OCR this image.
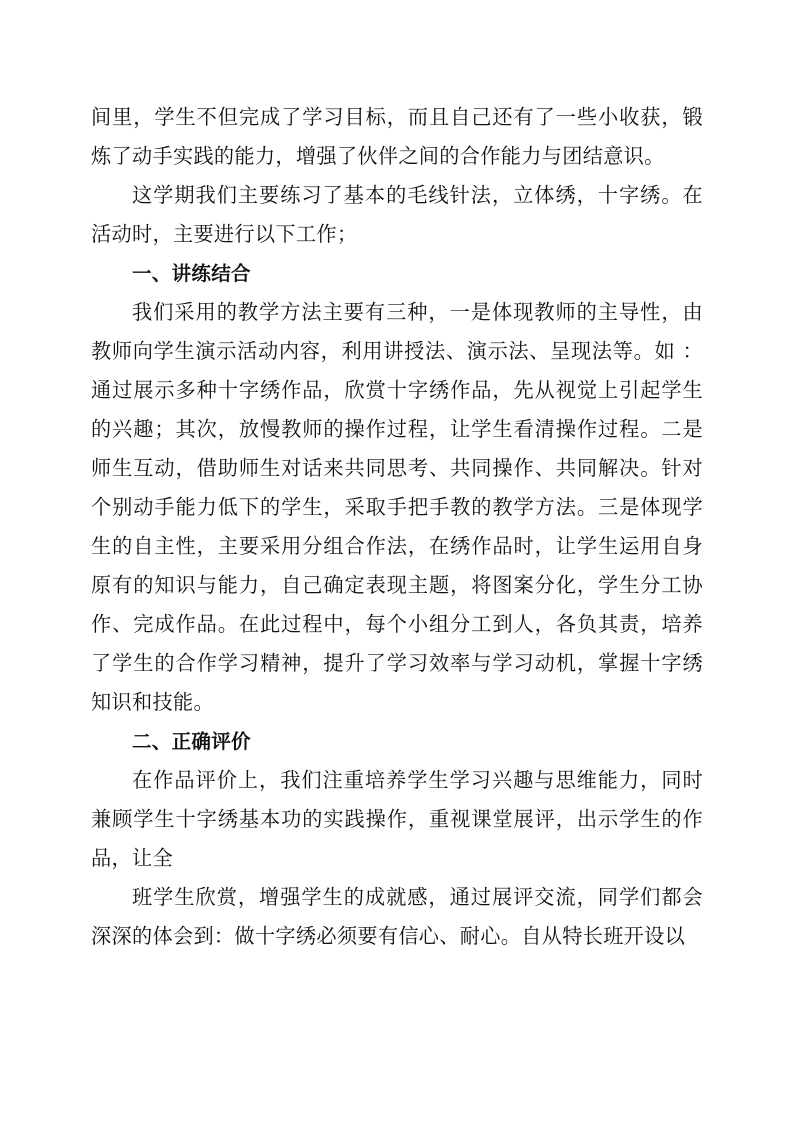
间里，学生不但完成了学习目标，而且自己还有了一些小收获，锻炼了动手实践的能力，增强了伙伴之间的合作能力与团结意识。

这学期我们主要练习了基本的毛线针法，立体绣，十字绣。在活动时，主要进行以下工作；

一、讲练结合

我们采用的教学方法主要有三种，一是体现教师的主导性，由教师向学生演示活动内容，利用讲授法、演示法、呈现法等。如 ：通过展示多种十字绣作品，欣赏十字绣作品，先从视觉上引起学生的兴趣；其次，放慢教师的操作过程，让学生看清操作过程。二是师生互动，借助师生对话来共同思考、共同操作、共同解决。针对个别动手能力低下的学生，采取手把手教的教学方法。三是体现学生的自主性，主要采用分组合作法，在绣作品时，让学生运用自身原有的知识与能力，自己确定表现主题，将图案分化，学生分工协作、完成作品。在此过程中，每个小组分工到人，各负其责，培养了学生的合作学习精神，提升了学习效率与学习动机，掌握十字绣知识和技能。

二、正确评价

在作品评价上，我们注重培养学生学习兴趣与思维能力，同时兼顾学生十字绣基本功的实践操作，重视课堂展评，出示学生的作品，让全

班学生欣赏，增强学生的成就感，通过展评交流，同学们都会深深的体会到：做十字绣必须要有信心、耐心。自从特长班开设以
